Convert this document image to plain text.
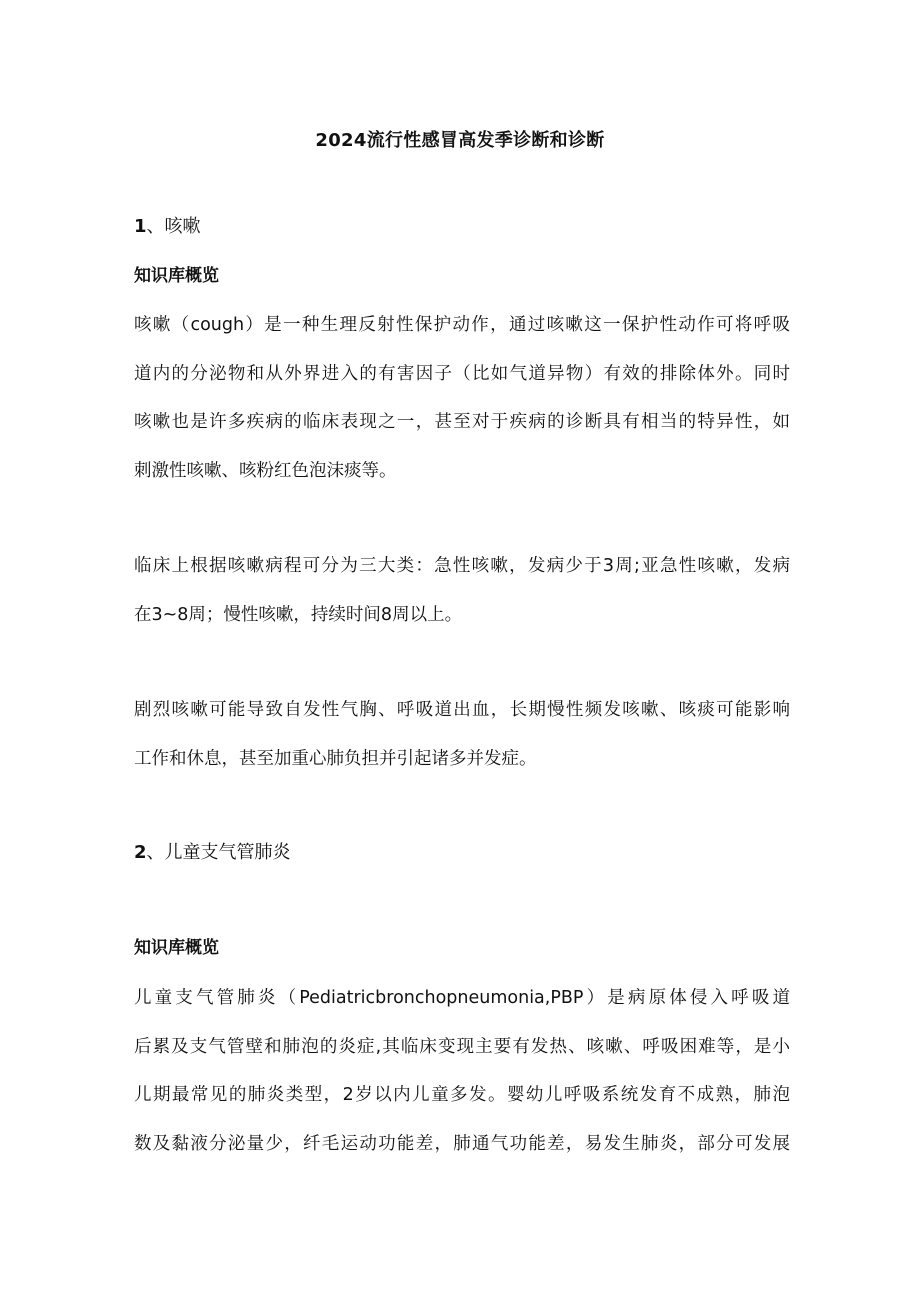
2024流行性感冒高发季诊断和诊断
1、咳嗽
知识库概览
咳嗽（cough）是一种生理反射性保护动作，通过咳嗽这一保护性动作可将呼吸
道内的分泌物和从外界进入的有害因子（比如气道异物）有效的排除体外。同时
咳嗽也是许多疾病的临床表现之一，甚至对于疾病的诊断具有相当的特异性，如
刺激性咳嗽、咳粉红色泡沫痰等。
临床上根据咳嗽病程可分为三大类：急性咳嗽，发病少于3周;亚急性咳嗽，发病
在3~8周；慢性咳嗽，持续时间8周以上。
剧烈咳嗽可能导致自发性气胸、呼吸道出血，长期慢性频发咳嗽、咳痰可能影响
工作和休息，甚至加重心肺负担并引起诸多并发症。
2、儿童支气管肺炎
知识库概览
儿童支气管肺炎（Pediatricbronchopneumonia,PBP）是病原体侵入呼吸道
后累及支气管壁和肺泡的炎症,其临床变现主要有发热、咳嗽、呼吸困难等，是小
儿期最常见的肺炎类型，2岁以内儿童多发。婴幼儿呼吸系统发育不成熟，肺泡
数及黏液分泌量少，纤毛运动功能差，肺通气功能差，易发生肺炎，部分可发展
